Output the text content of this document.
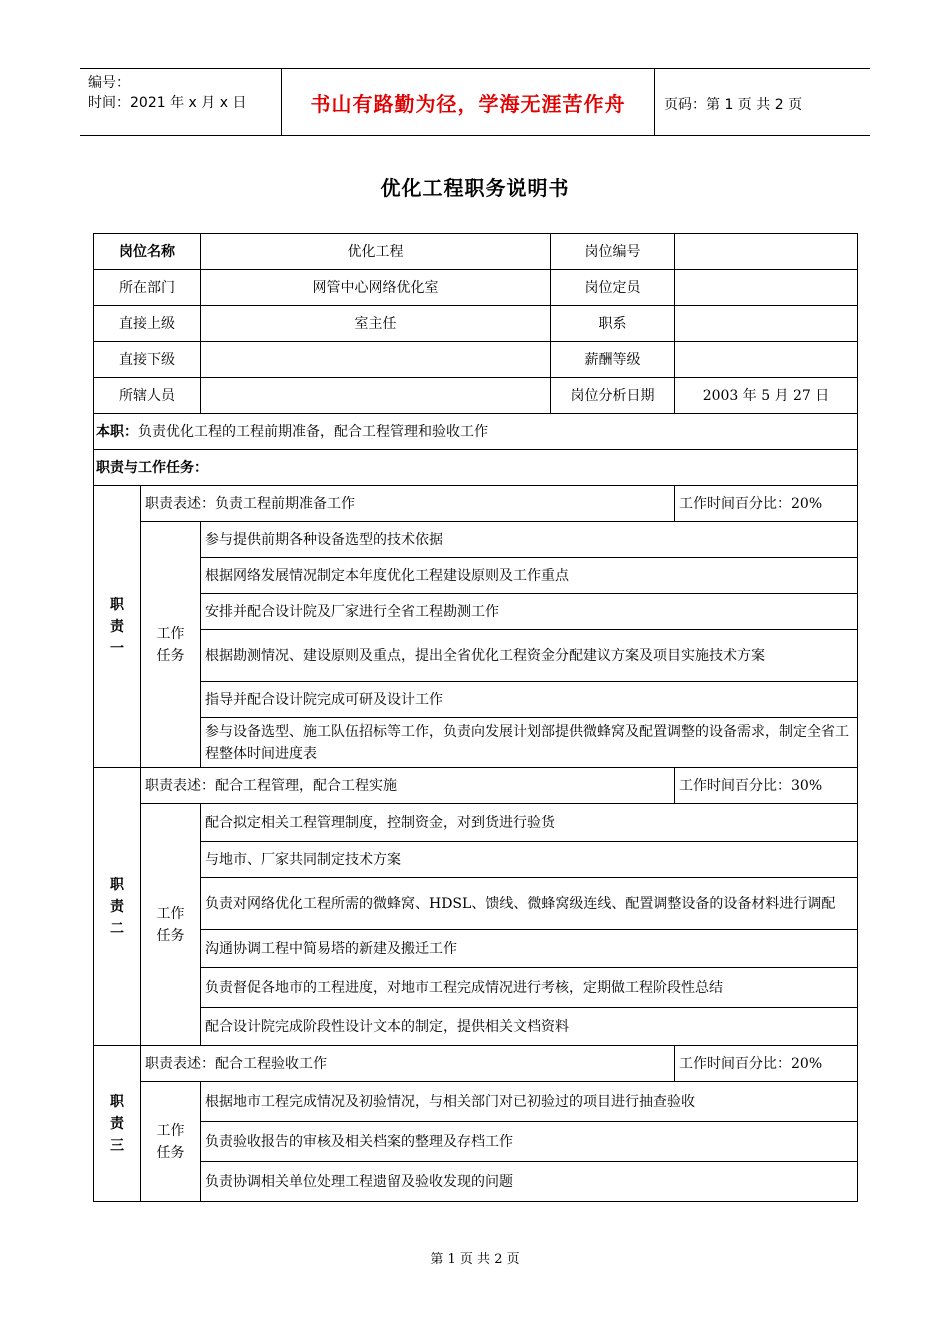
编号：
时间：2021 年 x 月 x 日	书山有路勤为径，学海无涯苦作舟	页码：第 1 页 共 2 页
优化工程职务说明书
岗位名称		优化工程	岗位编号	
所在部门		网管中心网络优化室	岗位定员	
直接上级		室主任	职系	
直接下级			薪酬等级	
所辖人员			岗位分析日期	2003 年 5 月 27 日
本职：负责优化工程的工程前期准备，配合工程管理和验收工作				
职责与工作任务：				

职
责
一	职责表述：负责工程前期准备工作			工作时间百分比：20%

	工作
任务	参与提供前期各种设备选型的技术依据		
		根据网络发展情况制定本年度优化工程建设原则及工作重点		
		安排并配合设计院及厂家进行全省工程勘测工作		
		根据勘测情况、建设原则及重点，提出全省优化工程资金分配建议方案及项目实施技术方案		
		指导并配合设计院完成可研及设计工作		
		参与设备选型、施工队伍招标等工作，负责向发展计划部提供微蜂窝及配置调整的设备需求，制定全省工程整体时间进度表		

职
责
二	职责表述：配合工程管理，配合工程实施			工作时间百分比：30%

	工作
任务	配合拟定相关工程管理制度，控制资金，对到货进行验货		
		与地市、厂家共同制定技术方案		
		负责对网络优化工程所需的微蜂窝、HDSL、馈线、微蜂窝级连线、配置调整设备的设备材料进行调配		
		沟通协调工程中简易塔的新建及搬迁工作		
		负责督促各地市的工程进度，对地市工程完成情况进行考核，定期做工程阶段性总结		
		配合设计院完成阶段性设计文本的制定，提供相关文档资料		

职
责
三	职责表述：配合工程验收工作			工作时间百分比：20%

	工作
任务	根据地市工程完成情况及初验情况，与相关部门对已初验过的项目进行抽查验收		
		负责验收报告的审核及相关档案的整理及存档工作		
		负责协调相关单位处理工程遗留及验收发现的问题		
第 1 页 共 2 页
